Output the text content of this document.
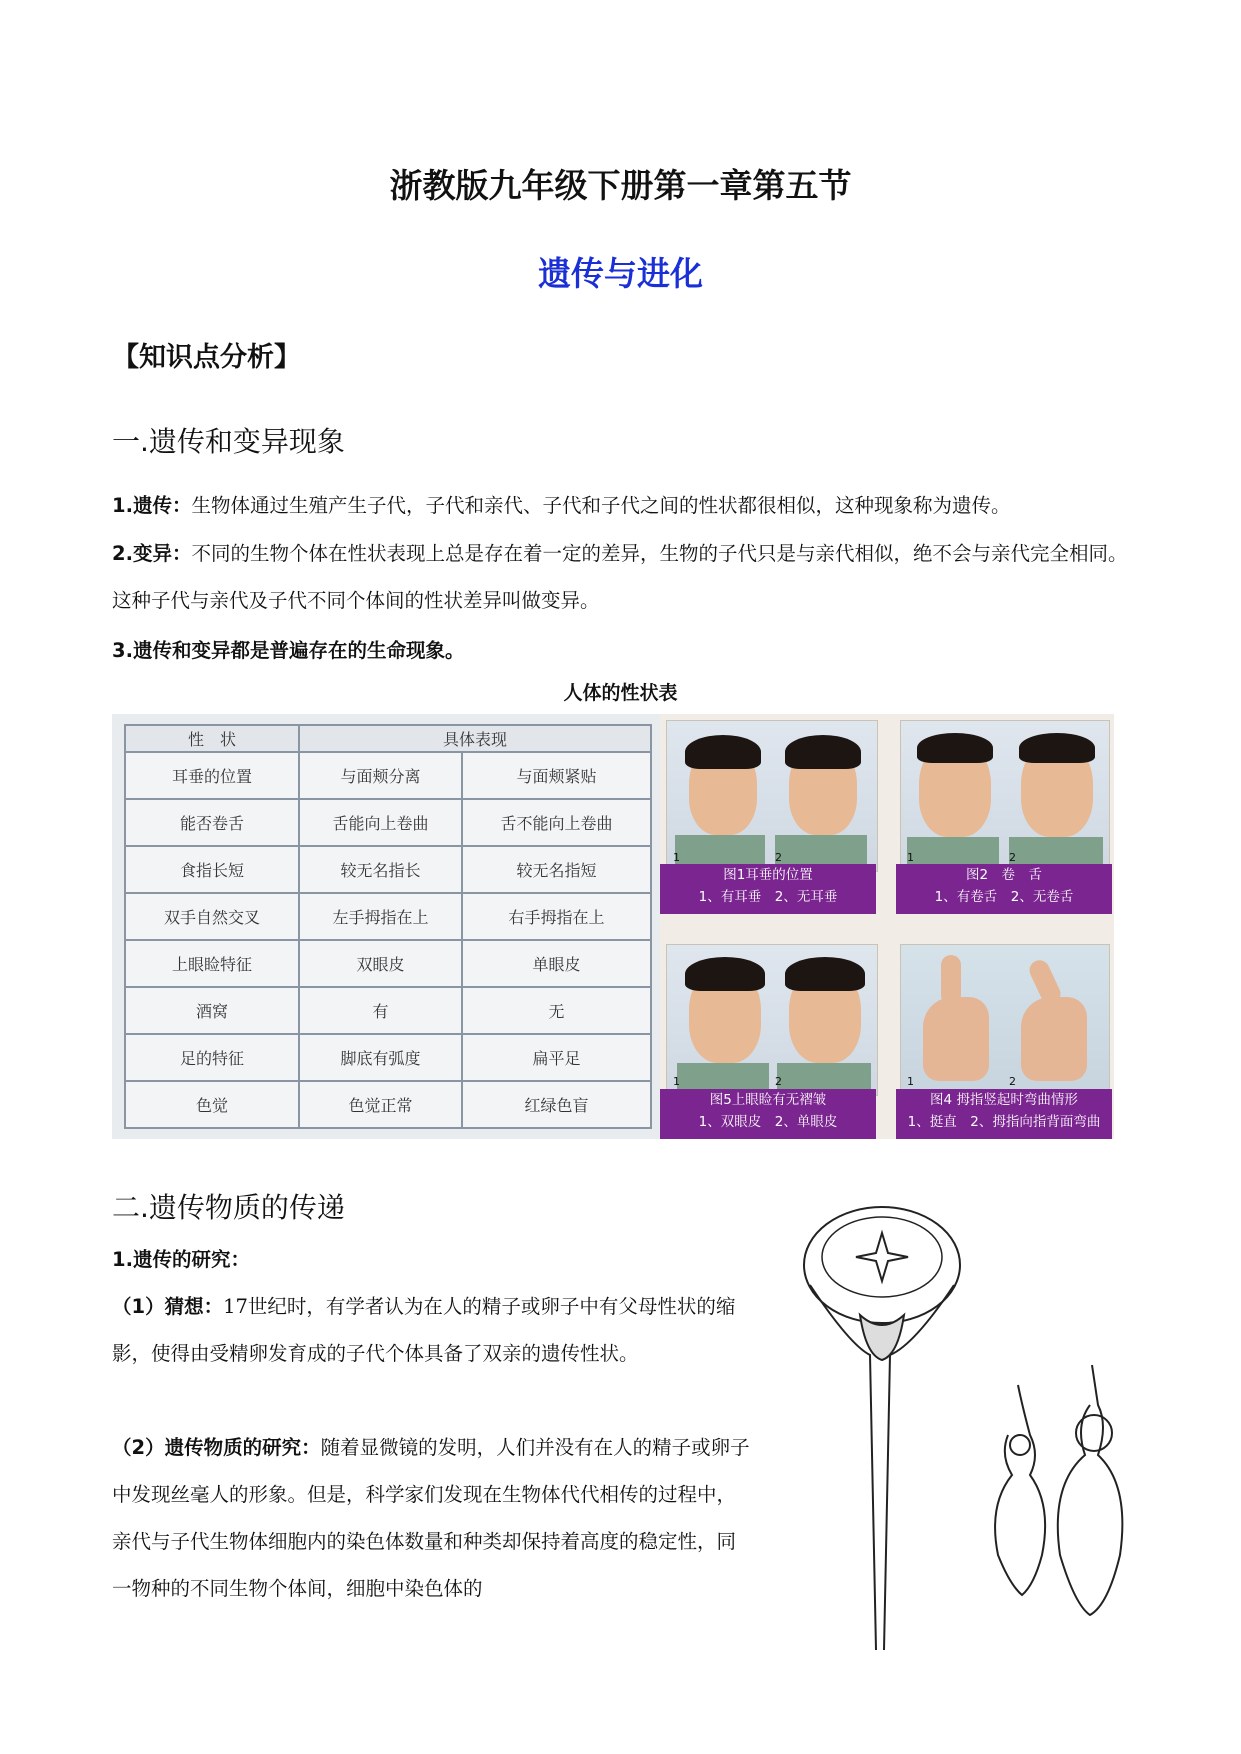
浙教版九年级下册第一章第五节
遗传与进化
【知识点分析】
一.遗传和变异现象
1.遗传：生物体通过生殖产生子代，子代和亲代、子代和子代之间的性状都很相似，这种现象称为遗传。
2.变异：不同的生物个体在性状表现上总是存在着一定的差异，生物的子代只是与亲代相似，绝不会与亲代完全相同。这种子代与亲代及子代不同个体间的性状差异叫做变异。
3.遗传和变异都是普遍存在的生命现象。
人体的性状表
性　状	具体表现	
耳垂的位置	与面颊分离	与面颊紧贴
能否卷舌	舌能向上卷曲	舌不能向上卷曲
食指长短	较无名指长	较无名指短
双手自然交叉	左手拇指在上	右手拇指在上
上眼睑特征	双眼皮	单眼皮
酒窝	有	无
足的特征	脚底有弧度	扁平足
色觉	色觉正常	红绿色盲
1	2
图1耳垂的位置
1、有耳垂　2、无耳垂
1	2
图2　卷　舌
1、有卷舌　2、无卷舌
1	2
图5上眼睑有无褶皱
1、双眼皮　2、单眼皮
1	2
图4 拇指竖起时弯曲情形
1、挺直　2、拇指向指背面弯曲
二.遗传物质的传递
1.遗传的研究：
（1）猜想：17世纪时，有学者认为在人的精子或卵子中有父母性状的缩影，使得由受精卵发育成的子代个体具备了双亲的遗传性状。
（2）遗传物质的研究：随着显微镜的发明，人们并没有在人的精子或卵子中发现丝毫人的形象。但是，科学家们发现在生物体代代相传的过程中，亲代与子代生物体细胞内的染色体数量和种类却保持着高度的稳定性，同一物种的不同生物个体间，细胞中染色体的
